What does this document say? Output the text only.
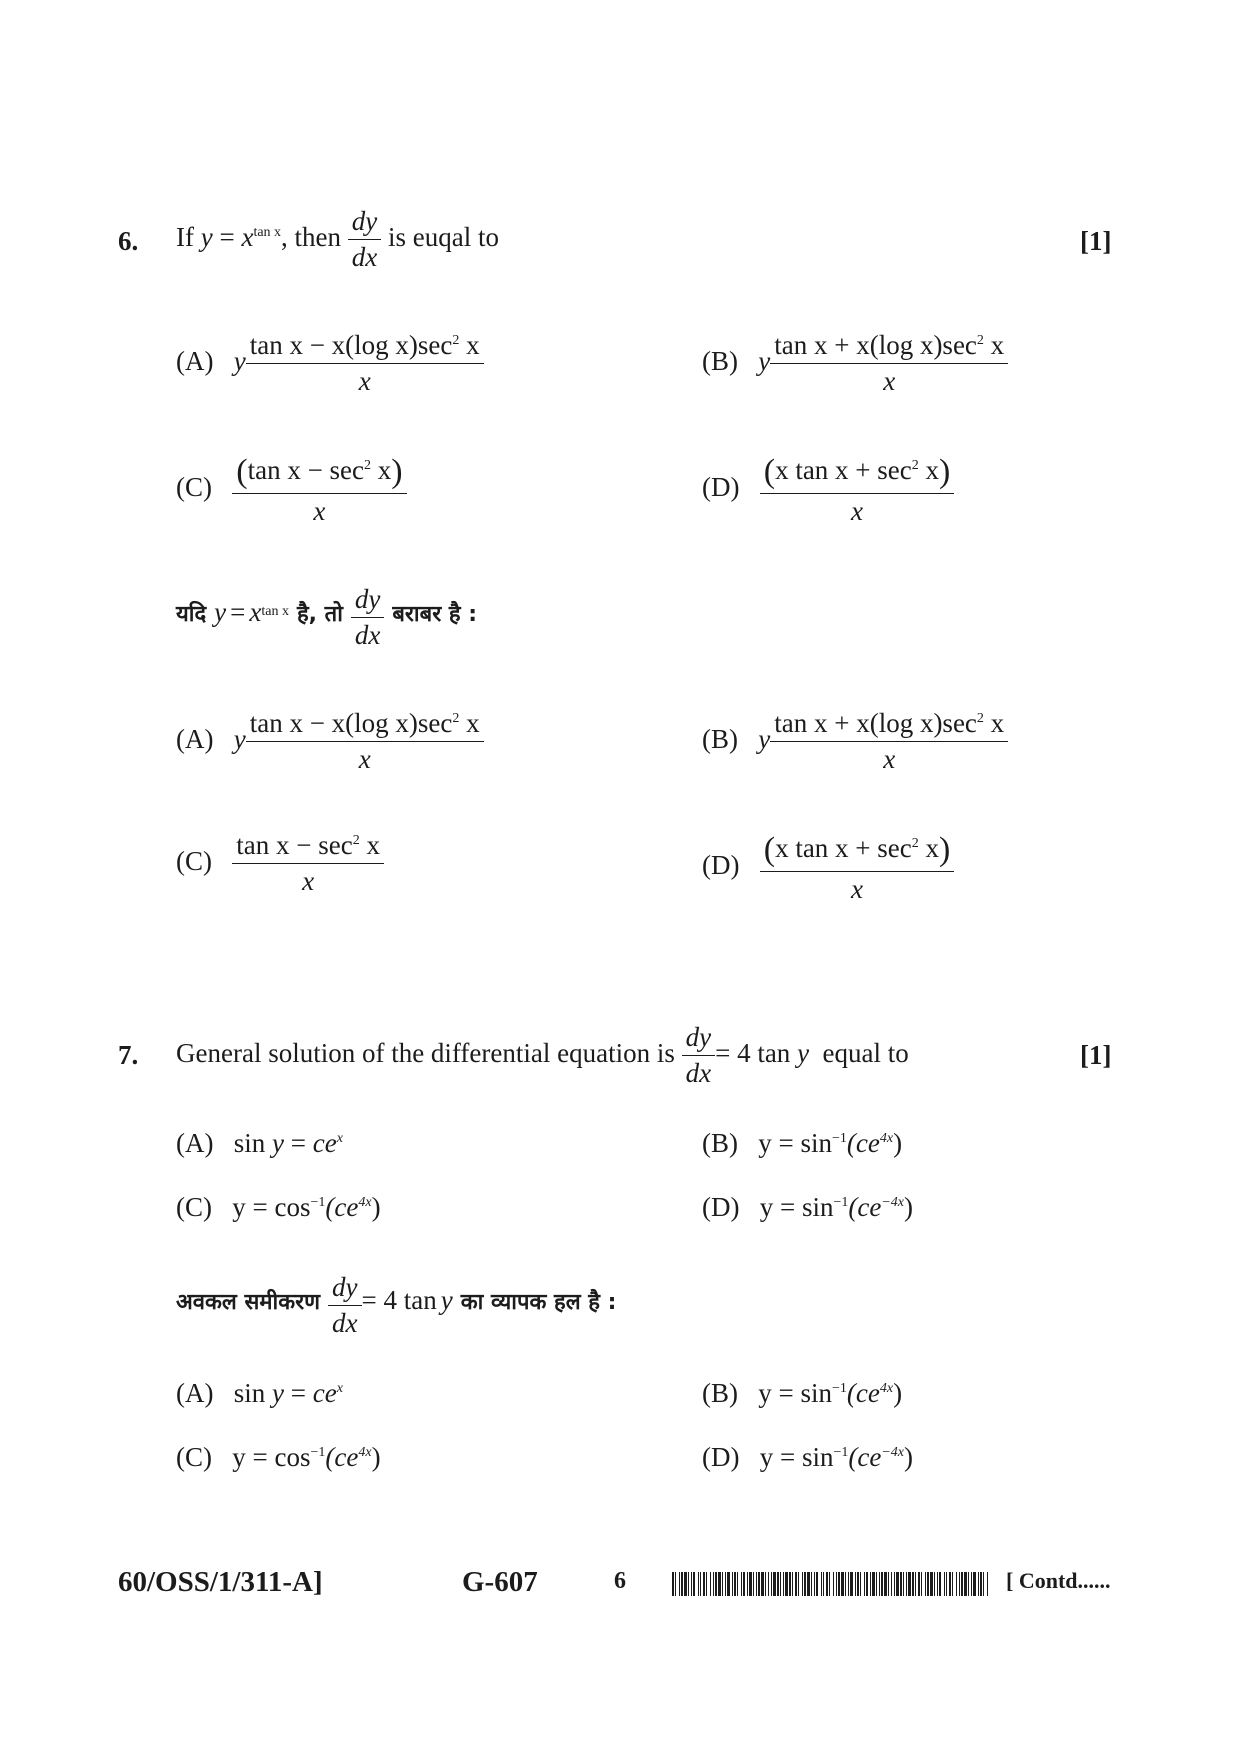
6. If $y = x^{tan x}$, then $\frac{dy}{dx}$ is euqal to	[1]
(A) y $\frac{\tan x - x(\log x)\sec^2 x}{x}$	(B) y $\frac{\tan x + x(\log x)\sec^2 x}{x}$
$(C) \frac{(\tan x - \sec^2 x)}{x}$	$(D) \frac{(x \tan x + \sec^2 x)}{x}$
यदि $y = x^{tan x}$ है, तो $\frac{dy}{dx}$ बराबर है :
(A) y $\frac{\tan x - x(\log x)\sec^2 x}{x}$	(B) y $\frac{\tan x + x(\log x)\sec^2 x}{x}$
$(C) \frac{\tan x - \sec^2 x}{x}$	$(D) \frac{(x \tan x + \sec^2 x)}{x}$
7. General solution of the differential equation is $\frac{dy}{dx} = 4$ tan y equal to	[1]
(A) $\sin y = ce^x$	(B) $y = \sin^{-1}(ce^{4x})$
(C) $y = \cos^{-1}(ce^{4x})$	(D) $y = \sin^{-1}(ce^{-4x})$
अवकल समीकरण $\frac{dy}{dx} = 4$ tan y का व्यापक हल है :
(A) $\sin y = ce^x$	(B) $y = \sin^{-1}(ce^{4x})$
(C) $y = \cos^{-1}(ce^{4x})$	(D) $y = \sin^{-1}(ce^{-4x})$
60/OSS/1/311-A]	G-607	6	[ Contd......
